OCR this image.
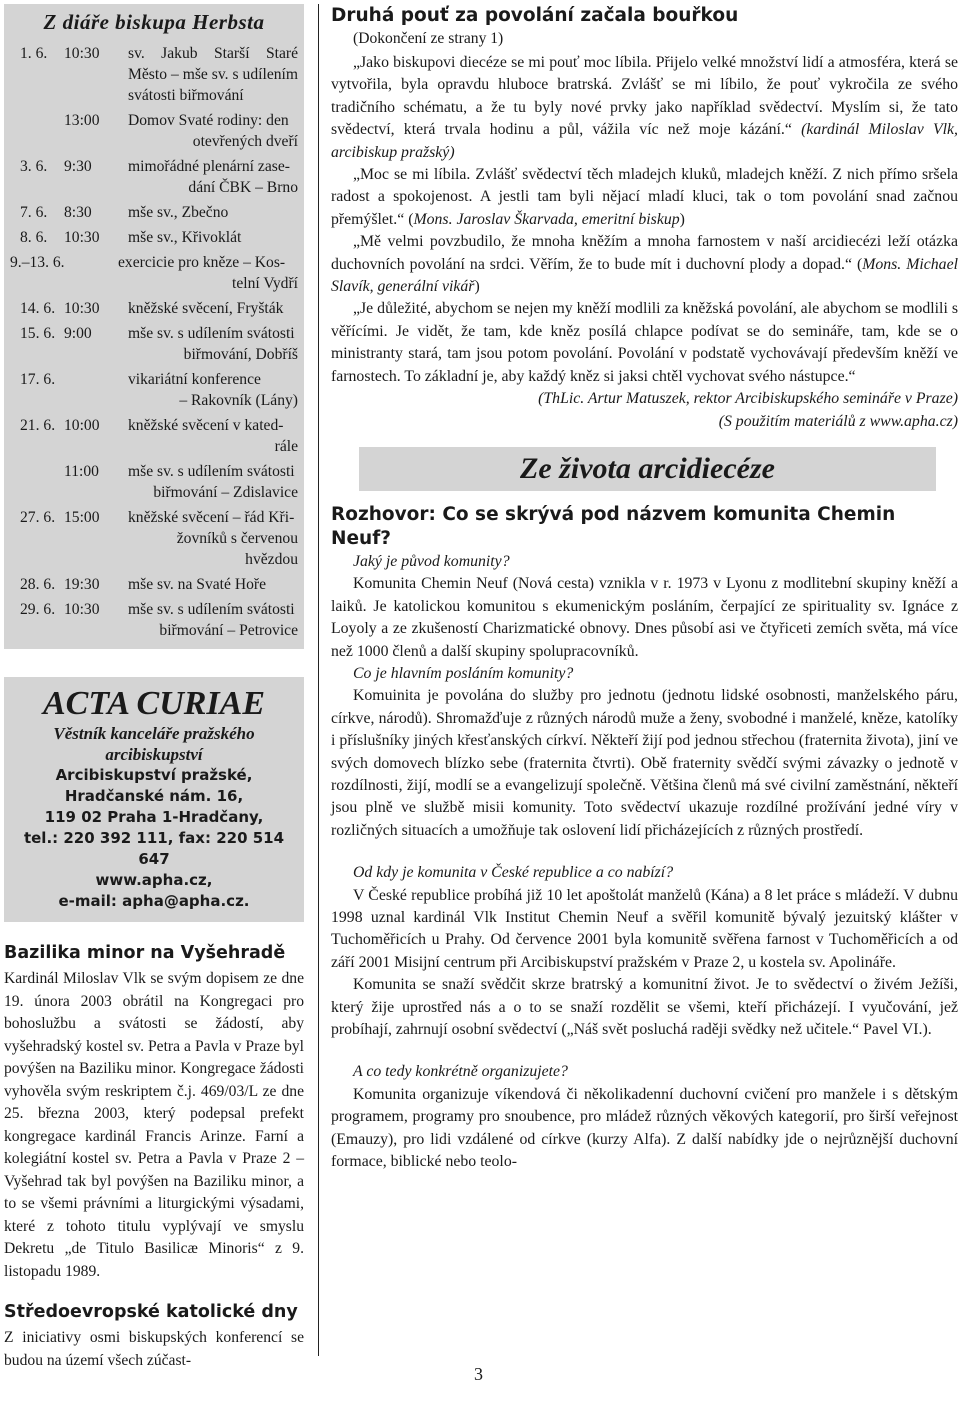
Z diáře biskupa Herbsta
1. 6.	10:30	sv. Jakub Starší Staré Město – mše sv. s udílením svátosti biřmování
13:00	Domov Svaté rodiny: den
otevřených dveří
3. 6.	9:30	mimořádné plenární zase-
dání ČBK – Brno
7. 6.	8:30	mše sv., Zbečno
8. 6.	10:30	mše sv., Křivoklát
9.–13. 6.	exercicie pro kněze – Kos-
telní Vydří
14. 6. 10:30	kněžské svěcení, Fryšták
15. 6. 9:00	mše sv. s udílením svátosti
biřmování, Dobříš
17. 6.	vikariátní konference
– Rakovník (Lány)
21. 6. 10:00	kněžské svěcení v kated-
rále
11:00	mše sv. s udílením svátosti
biřmování – Zdislavice
27. 6. 15:00	kněžské svěcení – řád Kři-
žovníků s červenou hvězdou
28. 6. 19:30	mše sv. na Svaté Hoře
29. 6. 10:30	mše sv. s udílením svátosti
biřmování – Petrovice
ACTA CURIAE
Věstník kanceláře pražského
arcibiskupství
Arcibiskupství pražské,
Hradčanské nám. 16,
119 02 Praha 1-Hradčany,
tel.: 220 392 111, fax: 220 514 647
www.apha.cz,
e-mail: apha@apha.cz.
Bazilika minor na Vyšehradě

Kardinál Miloslav Vlk se svým dopisem ze dne 19. února 2003 obrátil na Kongregaci pro bohoslužbu a svátosti se žádostí, aby vyšehradský kostel sv. Petra a Pavla v Praze byl povýšen na Baziliku minor. Kongregace žádosti vyhověla svým reskriptem č.j. 469/03/L ze dne 25. března 2003, který podepsal prefekt kongregace kardinál Francis Arinze. Farní a kolegiátní kostel sv. Petra a Pavla v Praze 2 – Vyšehrad tak byl povýšen na Baziliku minor, a to se všemi právními a liturgickými výsadami, které z tohoto titulu vyplývají ve smyslu Dekretu „de Titulo Basilicæ Minoris“ z 9. listopadu 1989.

Středoevropské katolické dny

Z iniciativy osmi biskupských konferencí se budou na území všech zúčast-

Druhá pouť za povolání začala bouřkou
(Dokončení ze strany 1)

„Jako biskupovi diecéze se mi pouť moc líbila. Přijelo velké množství lidí a atmosféra, která se vytvořila, byla opravdu hluboce bratrská. Zvlášť se mi líbilo, že pouť vykročila ze svého tradičního schématu, a že tu byly nové prvky jako například svědectví. Myslím si, že tato svědectví, která trvala hodinu a půl, vážila víc než moje kázání.“ (kardinál Miloslav Vlk, arcibiskup pražský)

„Moc se mi líbila. Zvlášť svědectví těch mladejch kluků, mladejch kněží. Z nich přímo sršela radost a spokojenost. A jestli tam byli nějací mladí kluci, tak o tom povolání snad začnou přemýšlet.“ (Mons. Jaroslav Škarvada, emeritní biskup)

„Mě velmi povzbudilo, že mnoha kněžím a mnoha farnostem v naší arcidiecézi leží otázka duchovních povolání na srdci. Věřím, že to bude mít i duchovní plody a dopad.“ (Mons. Michael Slavík, generální vikář)

„Je důležité, abychom se nejen my kněží modlili za kněžská povolání, ale abychom se modlili s věřícími. Je vidět, že tam, kde kněz posílá chlapce podívat se do semináře, tam, kde se o ministranty stará, tam jsou potom povolání. Povolání v podstatě vychovávají především kněží ve farnostech. To základní je, aby každý kněz si jaksi chtěl vychovat svého nástupce.“

(ThLic. Artur Matuszek, rektor Arcibiskupského semináře v Praze)

(S použitím materiálů z www.apha.cz)

Ze života arcidiecéze
Rozhovor: Co se skrývá pod názvem komunita Chemin Neuf?

Jaký je původ komunity?

Komunita Chemin Neuf (Nová cesta) vznikla v r. 1973 v Lyonu z modlitební skupiny kněží a laiků. Je katolickou komunitou s ekumenickým posláním, čerpající ze spirituality sv. Ignáce z Loyoly a ze zkušeností Charizmatické obnovy. Dnes působí asi ve čtyřiceti zemích světa, má více než 1000 členů a další skupiny spolupracovníků.

Co je hlavním posláním komunity?

Komuinita je povolána do služby pro jednotu (jednotu lidské osobnosti, manželského páru, církve, národů). Shromažďuje z různých národů muže a ženy, svobodné i manželé, kněze, katolíky i příslušníky jiných křesťanských církví. Někteří žijí pod jednou střechou (fraternita života), jiní ve svých domovech blízko sebe (fraternita čtvrti). Obě fraternity svědčí svými závazky o jednotě v rozdílnosti, žijí, modlí se a evangelizují společně. Většina členů má své civilní zaměstnání, někteří jsou plně ve službě misii komunity. Toto svědectví ukazuje rozdílné prožívání jedné víry v rozličných situacích a umožňuje tak oslovení lidí přicházejících z různých prostředí.

Od kdy je komunita v České republice a co nabízí?

V České republice probíhá již 10 let apoštolát manželů (Kána) a 8 let práce s mládeží. V dubnu 1998 uznal kardinál Vlk Institut Chemin Neuf a svěřil komunitě bývalý jezuitský klášter v Tuchoměřicích u Prahy. Od července 2001 byla komunitě svěřena farnost v Tuchoměřicích a od září 2001 Misijní centrum při Arcibiskupství pražském v Praze 2, u kostela sv. Apolináře.

Komunita se snaží svědčit skrze bratrský a komunitní život. Je to svědectví o živém Ježíši, který žije uprostřed nás a o to se snaží rozdělit se všemi, kteří přicházejí. I vyučování, jež probíhají, zahrnují osobní svědectví („Náš svět posluchá raději svědky než učitele.“ Pavel VI.).

A co tedy konkrétně organizujete?

Komunita organizuje víkendová či několikadenní duchovní cvičení pro manžele i s dětským programem, programy pro snoubence, pro mládež různých věkových kategorií, pro širší veřejnost (Emauzy), pro lidi vzdálené od církve (kurzy Alfa). Z další nabídky jde o nejrůznější duchovní formace, biblické nebo teolo-

3
